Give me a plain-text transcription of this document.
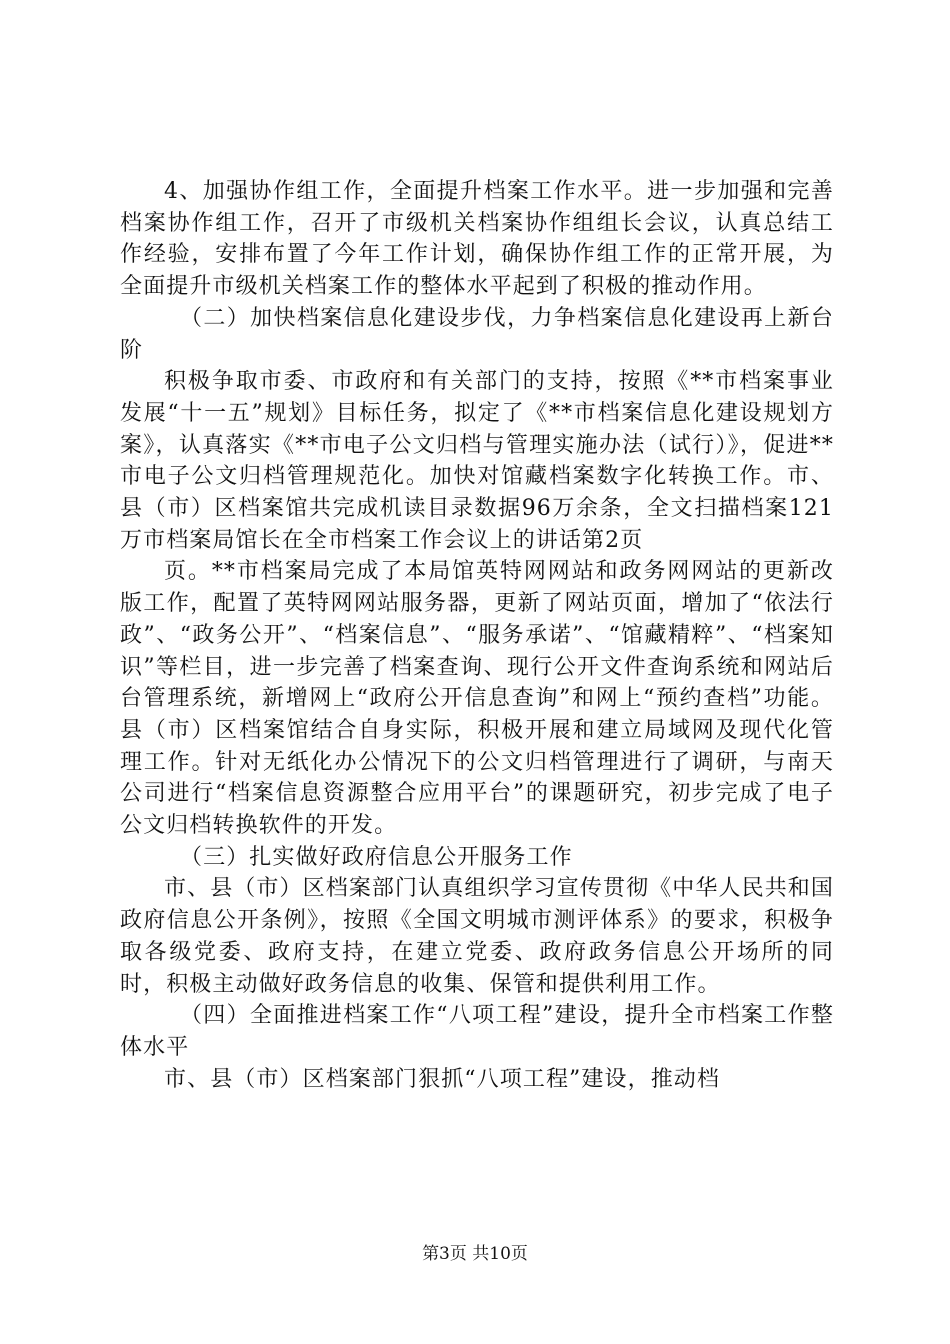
4、加强协作组工作，全面提升档案工作水平。进一步加强和完善档案协作组工作，召开了市级机关档案协作组组长会议，认真总结工作经验，安排布置了今年工作计划，确保协作组工作的正常开展，为全面提升市级机关档案工作的整体水平起到了积极的推动作用。

（二）加快档案信息化建设步伐，力争档案信息化建设再上新台阶

积极争取市委、市政府和有关部门的支持，按照《**市档案事业发展“十一五”规划》目标任务，拟定了《**市档案信息化建设规划方案》，认真落实《**市电子公文归档与管理实施办法（试行）》，促进**市电子公文归档管理规范化。加快对馆藏档案数字化转换工作。市、县（市）区档案馆共完成机读目录数据96万余条，全文扫描档案121万市档案局馆长在全市档案工作会议上的讲话第2页

页。**市档案局完成了本局馆英特网网站和政务网网站的更新改版工作，配置了英特网网站服务器，更新了网站页面，增加了“依法行政”、“政务公开”、“档案信息”、“服务承诺”、“馆藏精粹”、“档案知识”等栏目，进一步完善了档案查询、现行公开文件查询系统和网站后台管理系统，新增网上“政府公开信息查询”和网上“预约查档”功能。县（市）区档案馆结合自身实际，积极开展和建立局域网及现代化管理工作。针对无纸化办公情况下的公文归档管理进行了调研，与南天公司进行“档案信息资源整合应用平台”的课题研究，初步完成了电子公文归档转换软件的开发。

（三）扎实做好政府信息公开服务工作

市、县（市）区档案部门认真组织学习宣传贯彻《中华人民共和国政府信息公开条例》，按照《全国文明城市测评体系》的要求，积极争取各级党委、政府支持，在建立党委、政府政务信息公开场所的同时，积极主动做好政务信息的收集、保管和提供利用工作。

（四）全面推进档案工作“八项工程”建设，提升全市档案工作整体水平

市、县（市）区档案部门狠抓“八项工程”建设，推动档

第3页 共10页
